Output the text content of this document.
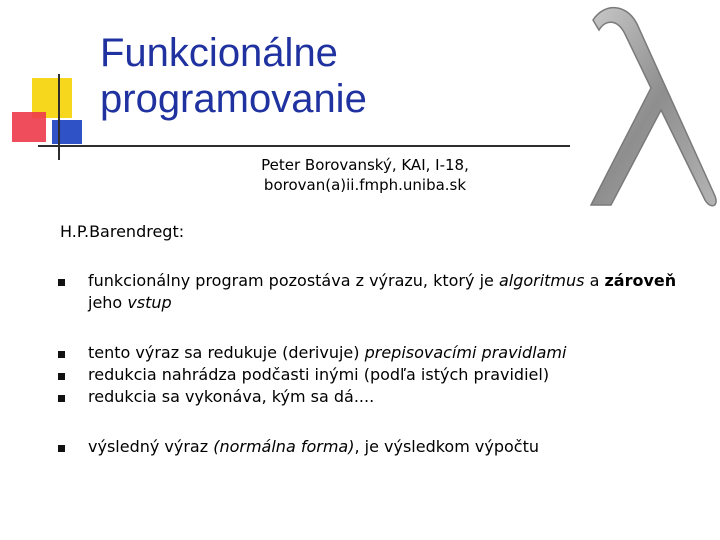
Funkcionálne
programovanie
Peter Borovanský, KAI, I-18,
borovan(a)ii.fmph.uniba.sk
H.P.Barendregt:
funkcionálny program pozostáva z výrazu, ktorý je algoritmus a zároveň jeho vstup
tento výraz sa redukuje (derivuje) prepisovacími pravidlami
redukcia nahrádza podčasti inými (podľa istých pravidiel)
redukcia sa vykonáva, kým sa dá....
výsledný výraz (normálna forma), je výsledkom výpočtu
